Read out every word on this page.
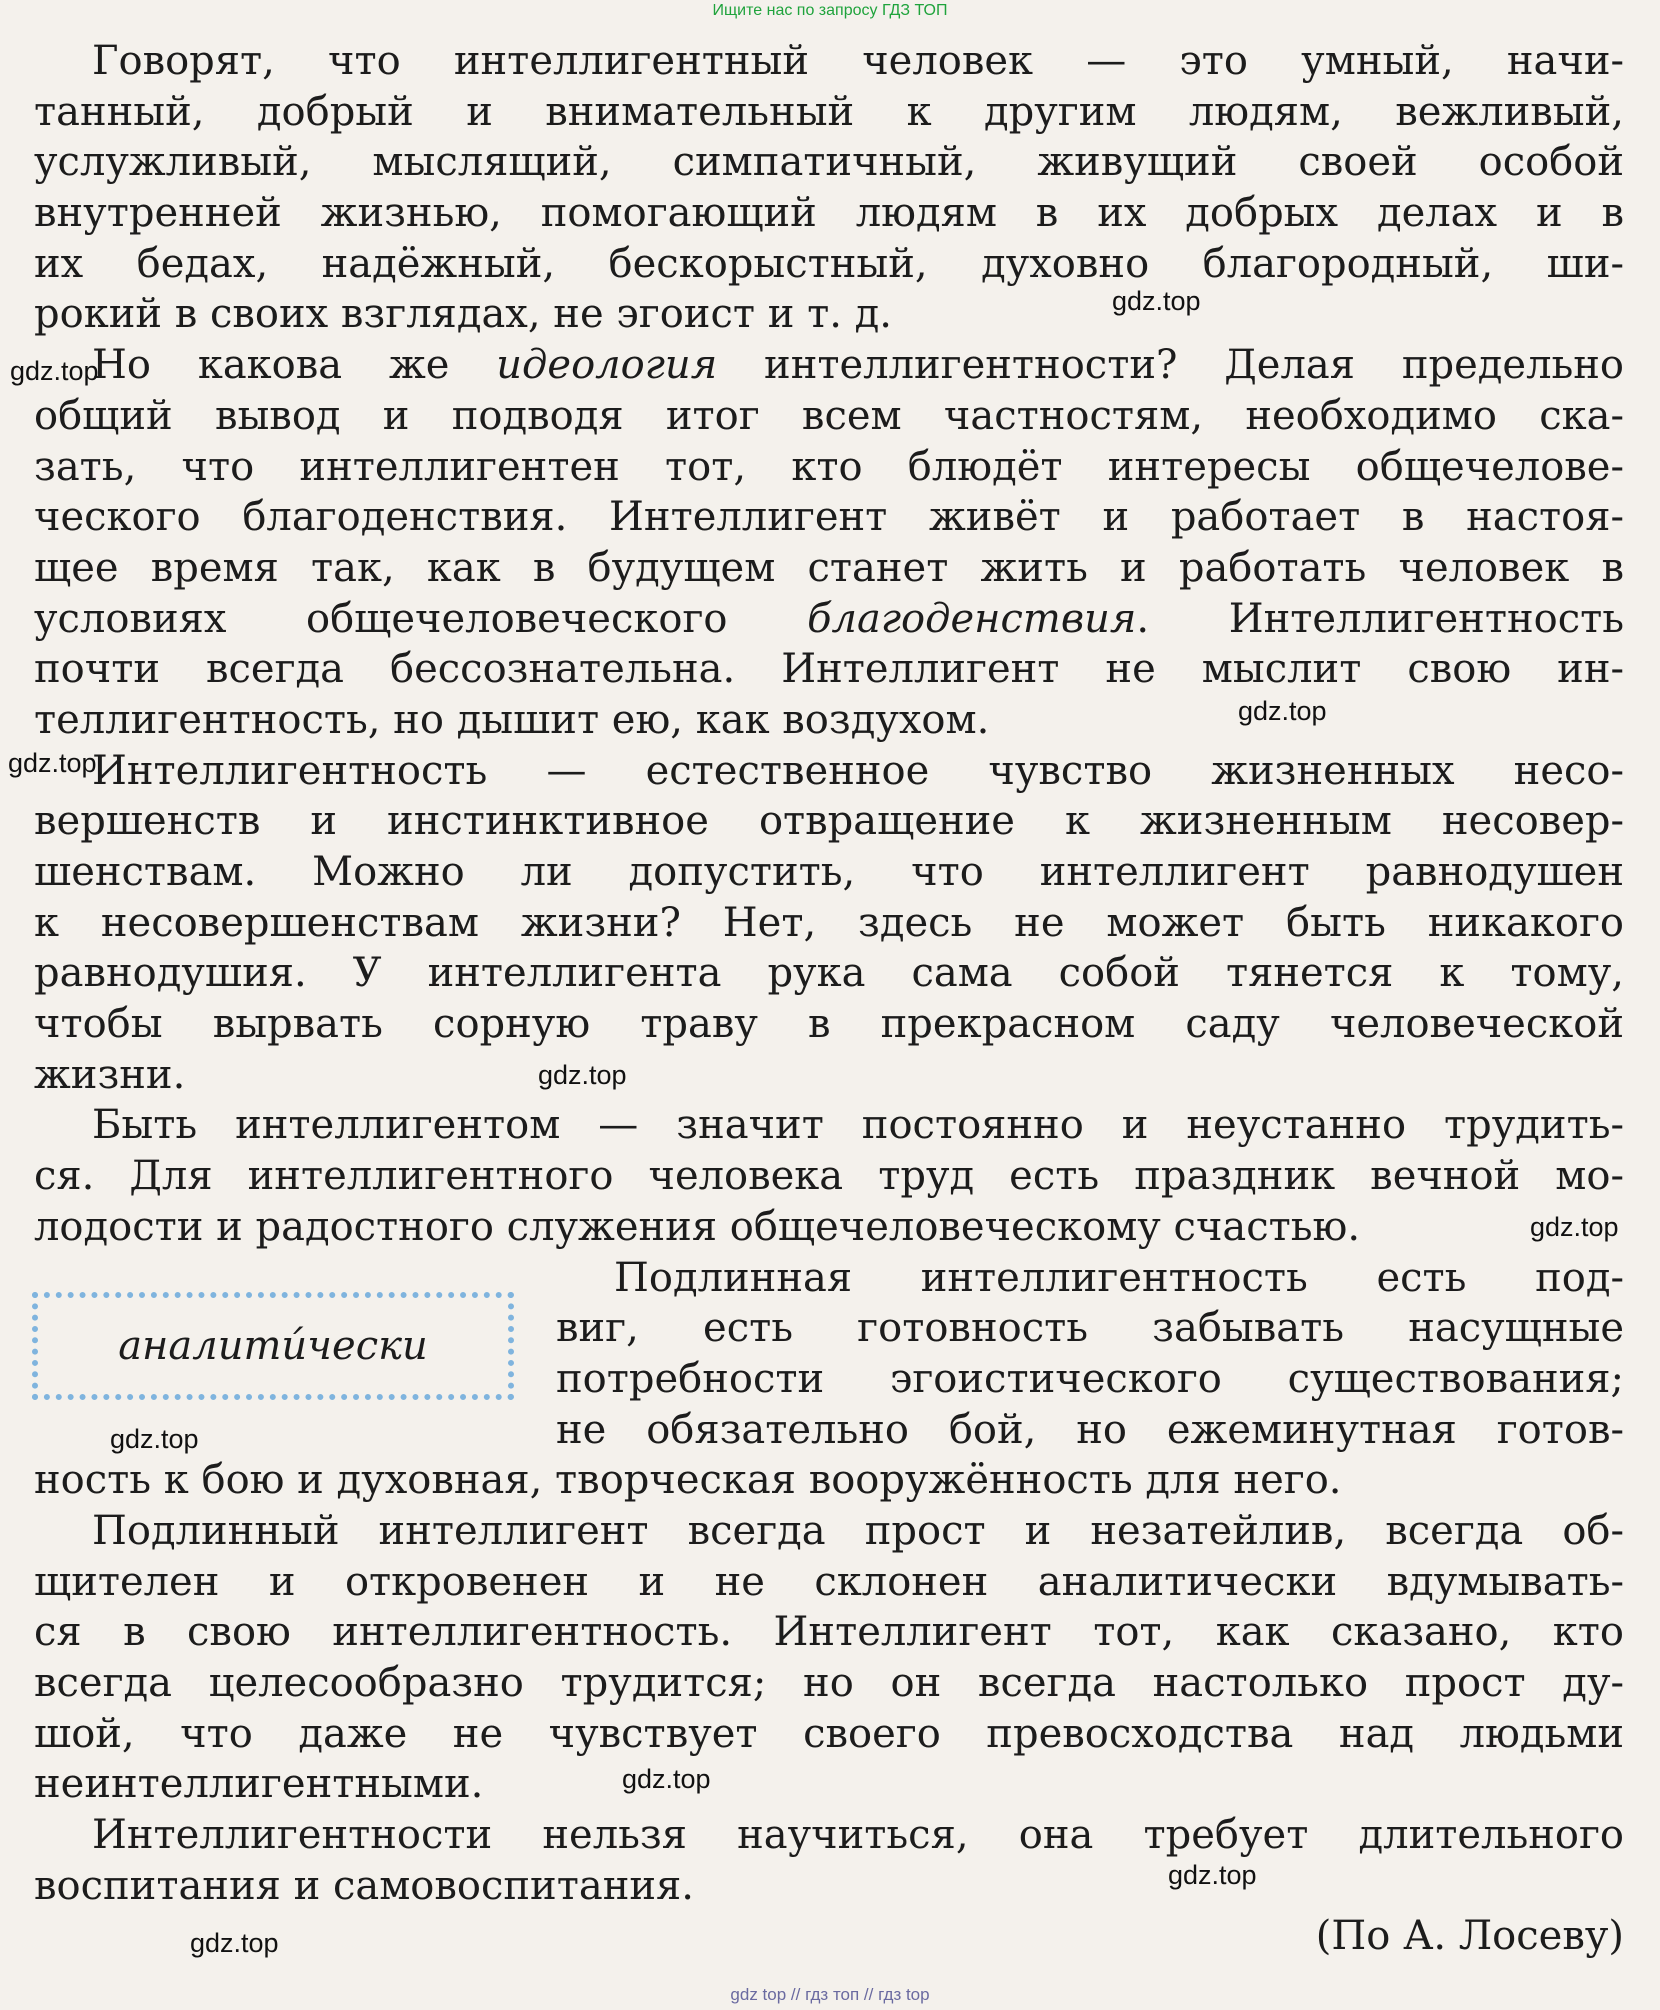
Ищите нас по запросу ГДЗ ТОП
Говорят, что интеллигентный человек — это умный, начи-
танный, добрый и внимательный к другим людям, вежливый,
услужливый, мыслящий, симпатичный, живущий своей особой
внутренней жизнью, помогающий людям в их добрых делах и в
их бедах, надёжный, бескорыстный, духовно благородный, ши-
рокий в своих взглядах, не эгоист и т. д.
Но какова же идеология интеллигентности? Делая предельно
общий вывод и подводя итог всем частностям, необходимо ска-
зать, что интеллигентен тот, кто блюдёт интересы общечелове-
ческого благоденствия. Интеллигент живёт и работает в настоя-
щее время так, как в будущем станет жить и работать человек в
условиях общечеловеческого благоденствия. Интеллигентность
почти всегда бессознательна. Интеллигент не мыслит свою ин-
теллигентность, но дышит ею, как воздухом.
Интеллигентность — естественное чувство жизненных несо-
вершенств и инстинктивное отвращение к жизненным несовер-
шенствам. Можно ли допустить, что интеллигент равнодушен
к несовершенствам жизни? Нет, здесь не может быть никакого
равнодушия. У интеллигента рука сама собой тянется к тому,
чтобы вырвать сорную траву в прекрасном саду человеческой
жизни.
Быть интеллигентом — значит постоянно и неустанно трудить-
ся. Для интеллигентного человека труд есть праздник вечной мо-
лодости и радостного служения общечеловеческому счастью.
Подлинная интеллигентность есть под-
виг, есть готовность забывать насущные
потребности эгоистического существования;
не обязательно бой, но ежеминутная готов-
ность к бою и духовная, творческая вооружённость для него.
Подлинный интеллигент всегда прост и незатейлив, всегда об-
щителен и откровенен и не склонен аналитически вдумывать-
ся в свою интеллигентность. Интеллигент тот, как сказано, кто
всегда целесообразно трудится; но он всегда настолько прост ду-
шой, что даже не чувствует своего превосходства над людьми
неинтеллигентными.
Интеллигентности нельзя научиться, она требует длительного
воспитания и самовоспитания.
(По А. Лосеву)
аналити́чески
gdz.top
gdz.top
gdz.top
gdz.top
gdz.top
gdz.top
gdz.top
gdz.top
gdz.top
gdz.top
gdz top // гдз топ // гдз top
